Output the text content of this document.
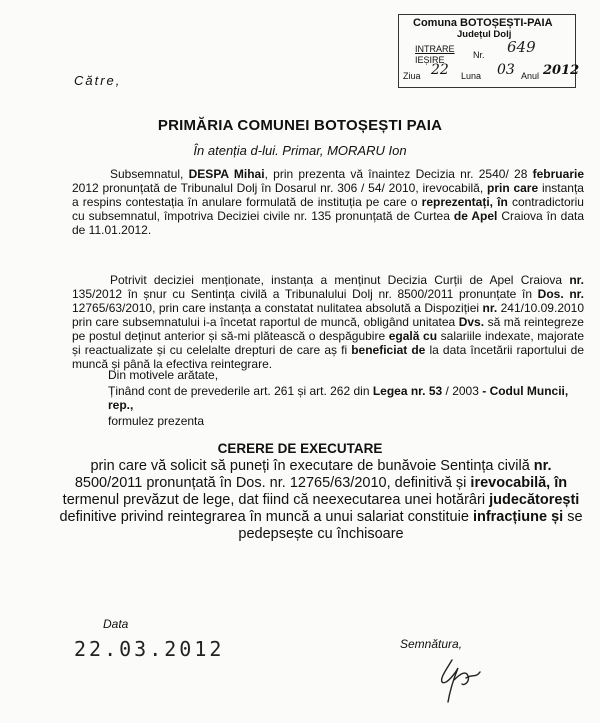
Comuna BOTOȘEȘTI-PAIA
Județul Dolj
INTRARE
IEȘIRE	Nr. 649
Ziua 22 Luna 03 Anul 2012
Către,
PRIMĂRIA COMUNEI BOTOȘEȘTI PAIA
În atenția d-lui. Primar, MORARU Ion

Subsemnatul, DESPA Mihai, prin prezenta vă înaintez Decizia nr. 2540/ 28 februarie 2012 pronunțată de Tribunalul Dolj în Dosarul nr. 306 / 54/ 2010, irevocabilă, prin care instanța a respins contestația în anulare formulată de instituția pe care o reprezentați, în contradictoriu cu subsemnatul, împotriva Deciziei civile nr. 135 pronunțată de Curtea de Apel Craiova în data de 11.01.2012.

Potrivit deciziei menționate, instanța a menținut Decizia Curții de Apel Craiova nr. 135/2012 în șnur cu Sentința civilă a Tribunalului Dolj nr. 8500/2011 pronunțate în Dos. nr. 12765/63/2010, prin care instanța a constatat nulitatea absolută a Dispoziției nr. 241/10.09.2010 prin care subsemnatului i-a încetat raportul de muncă, obligând unitatea Dvs. să mă reintegreze pe postul deținut anterior și să-mi plătească o despăgubire egală cu salariile indexate, majorate și reactualizate și cu celelalte drepturi de care aș fi beneficiat de la data încetării raportului de muncă și până la efectiva reintegrare.

Din motivele arătate,
Ținând cont de prevederile art. 261 și art. 262 din Legea nr. 53 / 2003 - Codul Muncii, rep.,
formulez prezenta
CERERE DE EXECUTARE

prin care vă solicit să puneți în executare de bunăvoie Sentința civilă nr. 8500/2011 pronunțată în Dos. nr. 12765/63/2010, definitivă și irevocabilă, în termenul prevăzut de lege, dat fiind că neexecutarea unei hotărâri judecătorești definitive privind reintegrarea în muncă a unui salariat constituie infracțiune și se pedepsește cu închisoare

Data
22.03.2012	Semnătura,
